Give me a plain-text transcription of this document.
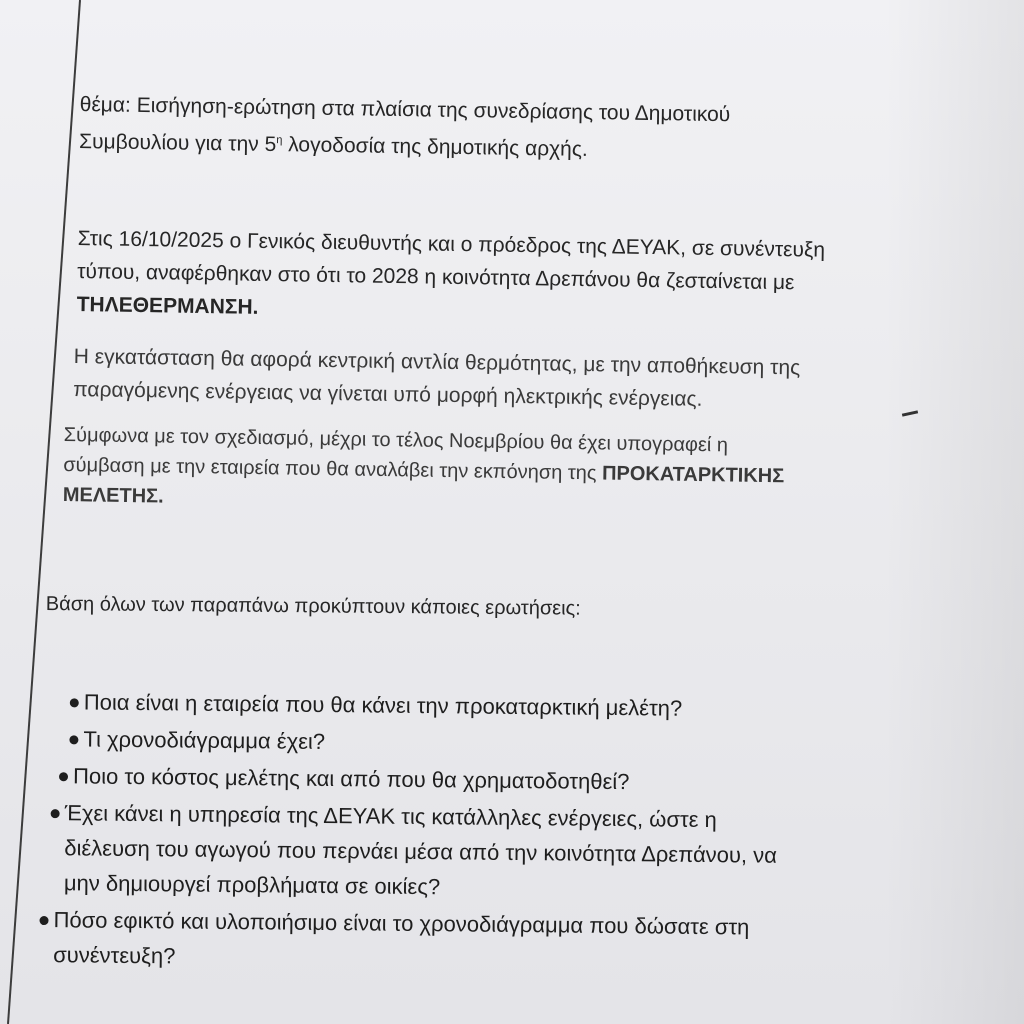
θέμα: Εισήγηση-ερώτηση στα πλαίσια της συνεδρίασης του Δημοτικού
Συμβουλίου για την $5^\eta$ λογοδοσία της δημοτικής αρχής.
Στις 16/10/2025 ο Γενικός διευθυντής και ο πρόεδρος της ΔΕΥΑΚ, σε συνέντευξη
τύπου, αναφέρθηκαν στο ότι το 2028 η κοινότητα Δρεπάνου θα ζεσταίνεται με
ΤΗΛΕΘΕΡΜΑΝΣΗ.
Η εγκατάσταση θα αφορά κεντρική αντλία θερμότητας, με την αποθήκευση της
παραγόμενης ενέργειας να γίνεται υπό μορφή ηλεκτρικής ενέργειας.
Σύμφωνα με τον σχεδιασμό, μέχρι το τέλος Νοεμβρίου θα έχει υπογραφεί η
σύμβαση με την εταιρεία που θα αναλάβει την εκπόνηση της ΠΡΟΚΑΤΑΡΚΤΙΚΗΣ
ΜΕΛΕΤΗΣ.
Βάση όλων των παραπάνω προκύπτουν κάποιες ερωτήσεις:
Ποια είναι η εταιρεία που θα κάνει την προκαταρκτική μελέτη?
Τι χρονοδιάγραμμα έχει?
Ποιο το κόστος μελέτης και από που θα χρηματοδοτηθεί?
Έχει κάνει η υπηρεσία της ΔΕΥΑΚ τις κατάλληλες ενέργειες, ώστε η
διέλευση του αγωγού που περνάει μέσα από την κοινότητα Δρεπάνου, να
μην δημιουργεί προβλήματα σε οικίες?
Πόσο εφικτό και υλοποιήσιμο είναι το χρονοδιάγραμμα που δώσατε στη
συνέντευξη?
